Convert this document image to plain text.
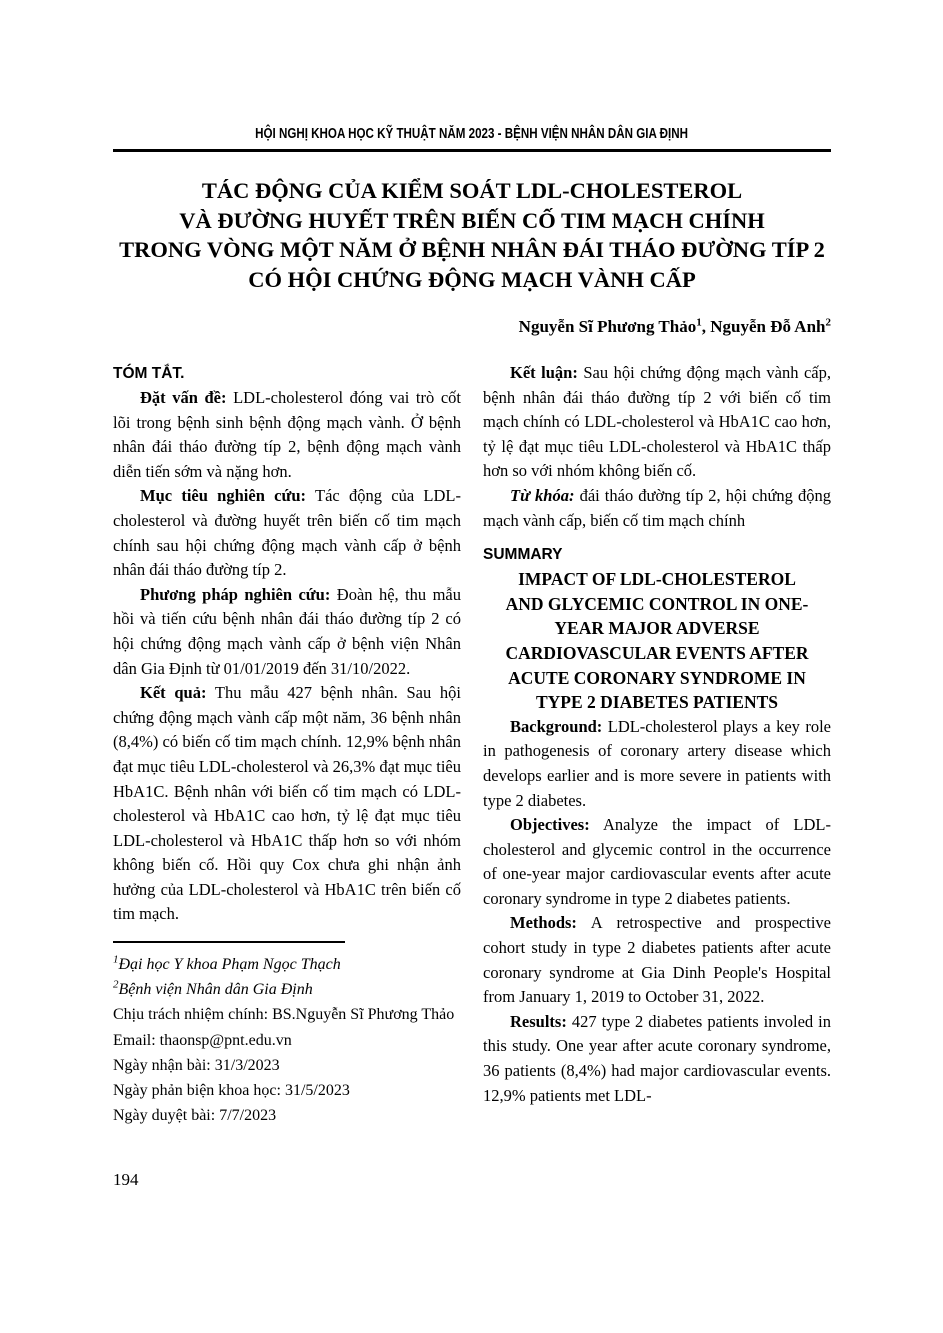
HỘI NGHỊ KHOA HỌC KỸ THUẬT NĂM 2023 - BỆNH VIỆN NHÂN DÂN GIA ĐỊNH
TÁC ĐỘNG CỦA KIỂM SOÁT LDL-CHOLESTEROL
VÀ ĐƯỜNG HUYẾT TRÊN BIẾN CỐ TIM MẠCH CHÍNH
TRONG VÒNG MỘT NĂM Ở BỆNH NHÂN ĐÁI THÁO ĐƯỜNG TÍP 2
CÓ HỘI CHỨNG ĐỘNG MẠCH VÀNH CẤP
Nguyễn Sĩ Phương Thảo$^1$, Nguyễn Đỗ Anh$^2$
TÓM TẮT.

Đặt vấn đề: LDL-cholesterol đóng vai trò cốt lõi trong bệnh sinh bệnh động mạch vành. Ở bệnh nhân đái tháo đường típ 2, bệnh động mạch vành diễn tiến sớm và nặng hơn.

Mục tiêu nghiên cứu: Tác động của LDL-cholesterol và đường huyết trên biến cố tim mạch chính sau hội chứng động mạch vành cấp ở bệnh nhân đái tháo đường típ 2.

Phương pháp nghiên cứu: Đoàn hệ, thu mẫu hồi và tiến cứu bệnh nhân đái tháo đường típ 2 có hội chứng động mạch vành cấp ở bệnh viện Nhân dân Gia Định từ 01/01/2019 đến 31/10/2022.

Kết quả: Thu mẫu 427 bệnh nhân. Sau hội chứng động mạch vành cấp một năm, 36 bệnh nhân (8,4%) có biến cố tim mạch chính. 12,9% bệnh nhân đạt mục tiêu LDL-cholesterol và 26,3% đạt mục tiêu HbA1C. Bệnh nhân với biến cố tim mạch có LDL-cholesterol và HbA1C cao hơn, tỷ lệ đạt mục tiêu LDL-cholesterol và HbA1C thấp hơn so với nhóm không biến cố. Hồi quy Cox chưa ghi nhận ảnh hưởng của LDL-cholesterol và HbA1C trên biến cố tim mạch.

$^1$Đại học Y khoa Phạm Ngọc Thạch

$^2$Bệnh viện Nhân dân Gia Định

Chịu trách nhiệm chính: BS.Nguyễn Sĩ Phương Thảo

Email: thaonsp@pnt.edu.vn

Ngày nhận bài: 31/3/2023

Ngày phản biện khoa học: 31/5/2023

Ngày duyệt bài: 7/7/2023

Kết luận: Sau hội chứng động mạch vành cấp, bệnh nhân đái tháo đường típ 2 với biến cố tim mạch chính có LDL-cholesterol và HbA1C cao hơn, tỷ lệ đạt mục tiêu LDL-cholesterol và HbA1C thấp hơn so với nhóm không biến cố.

Từ khóa: đái tháo đường típ 2, hội chứng động mạch vành cấp, biến cố tim mạch chính

SUMMARY
IMPACT OF LDL-CHOLESTEROL
AND GLYCEMIC CONTROL IN ONE-
YEAR MAJOR ADVERSE
CARDIOVASCULAR EVENTS AFTER
ACUTE CORONARY SYNDROME IN
TYPE 2 DIABETES PATIENTS

Background: LDL-cholesterol plays a key role in pathogenesis of coronary artery disease which develops earlier and is more severe in patients with type 2 diabetes.

Objectives: Analyze the impact of LDL-cholesterol and glycemic control in the occurrence of one-year major cardiovascular events after acute coronary syndrome in type 2 diabetes patients.

Methods: A retrospective and prospective cohort study in type 2 diabetes patients after acute coronary syndrome at Gia Dinh People's Hospital from January 1, 2019 to October 31, 2022.

Results: 427 type 2 diabetes patients involed in this study. One year after acute coronary syndrome, 36 patients (8,4%) had major cardiovascular events. 12,9% patients met LDL-

194
